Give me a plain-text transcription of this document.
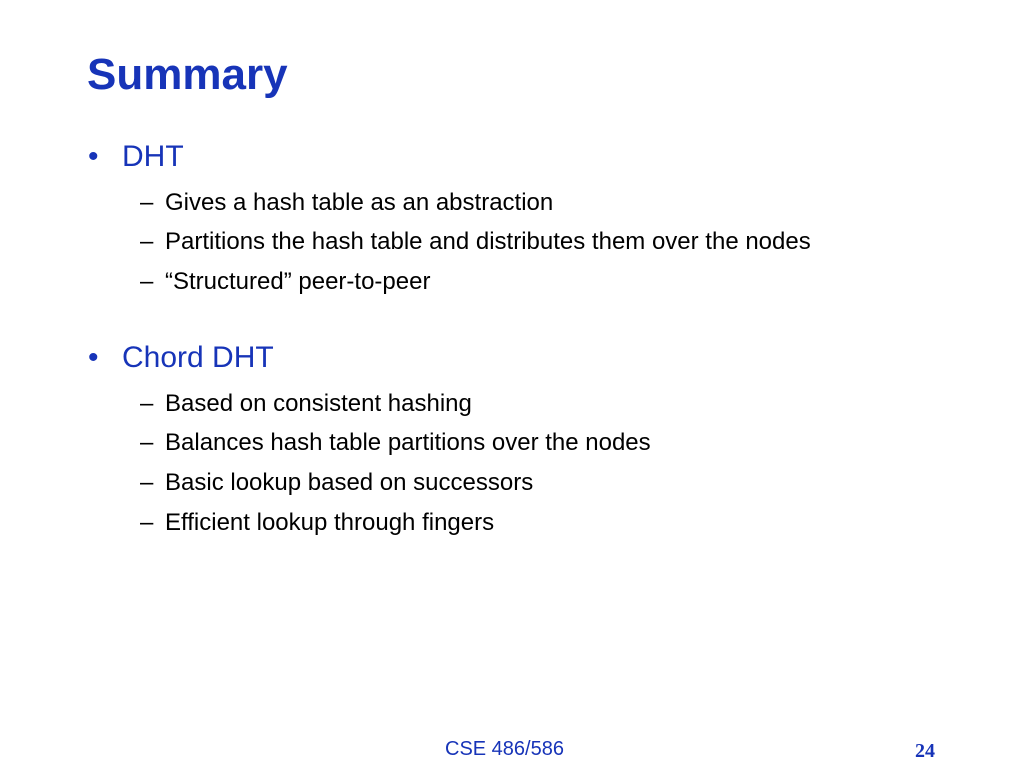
Summary
• DHT
– Gives a hash table as an abstraction
– Partitions the hash table and distributes them over the nodes
– “Structured” peer-to-peer
• Chord DHT
– Based on consistent hashing
– Balances hash table partitions over the nodes
– Basic lookup based on successors
– Efficient lookup through fingers
CSE 486/586	24
